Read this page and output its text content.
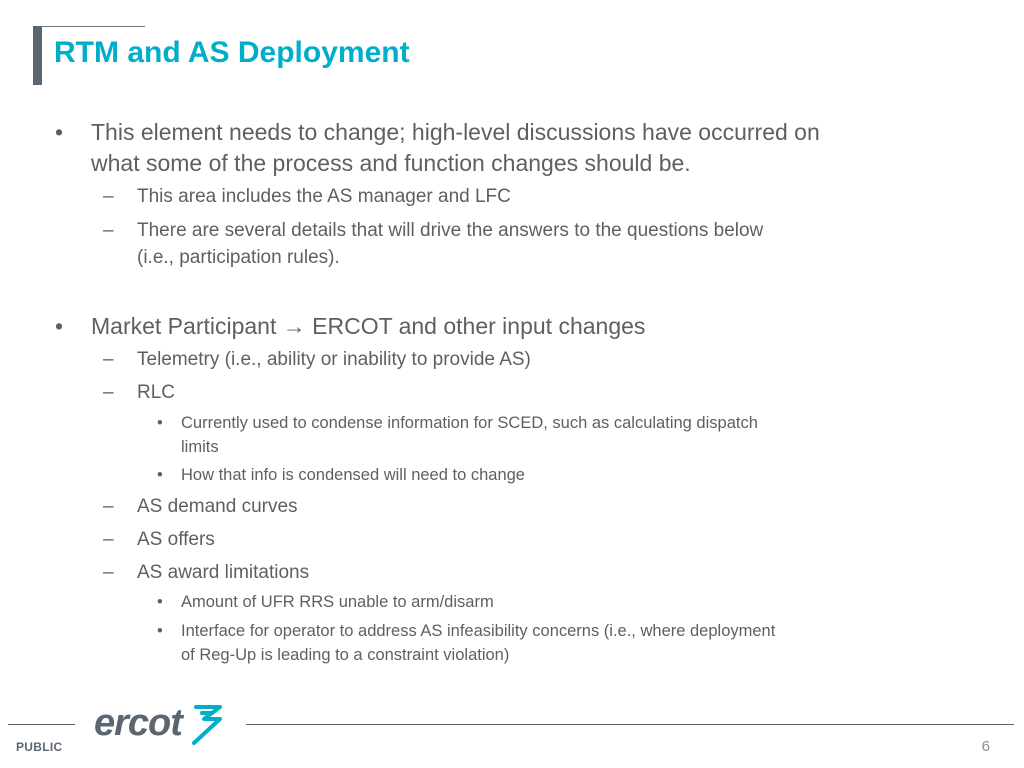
RTM and AS Deployment
• This element needs to change; high-level discussions have occurred on

what some of the process and function changes should be.

– This area includes the AS manager and LFC

– There are several details that will drive the answers to the questions below

(i.e., participation rules).

• Market Participant → ERCOT and other input changes

– Telemetry (i.e., ability or inability to provide AS)

– RLC

• Currently used to condense information for SCED, such as calculating dispatch

limits

• How that info is condensed will need to change

– AS demand curves

– AS offers

– AS award limitations

• Amount of UFR RRS unable to arm/disarm

• Interface for operator to address AS infeasibility concerns (i.e., where deployment

of Reg-Up is leading to a constraint violation)

ercot
PUBLIC	6
